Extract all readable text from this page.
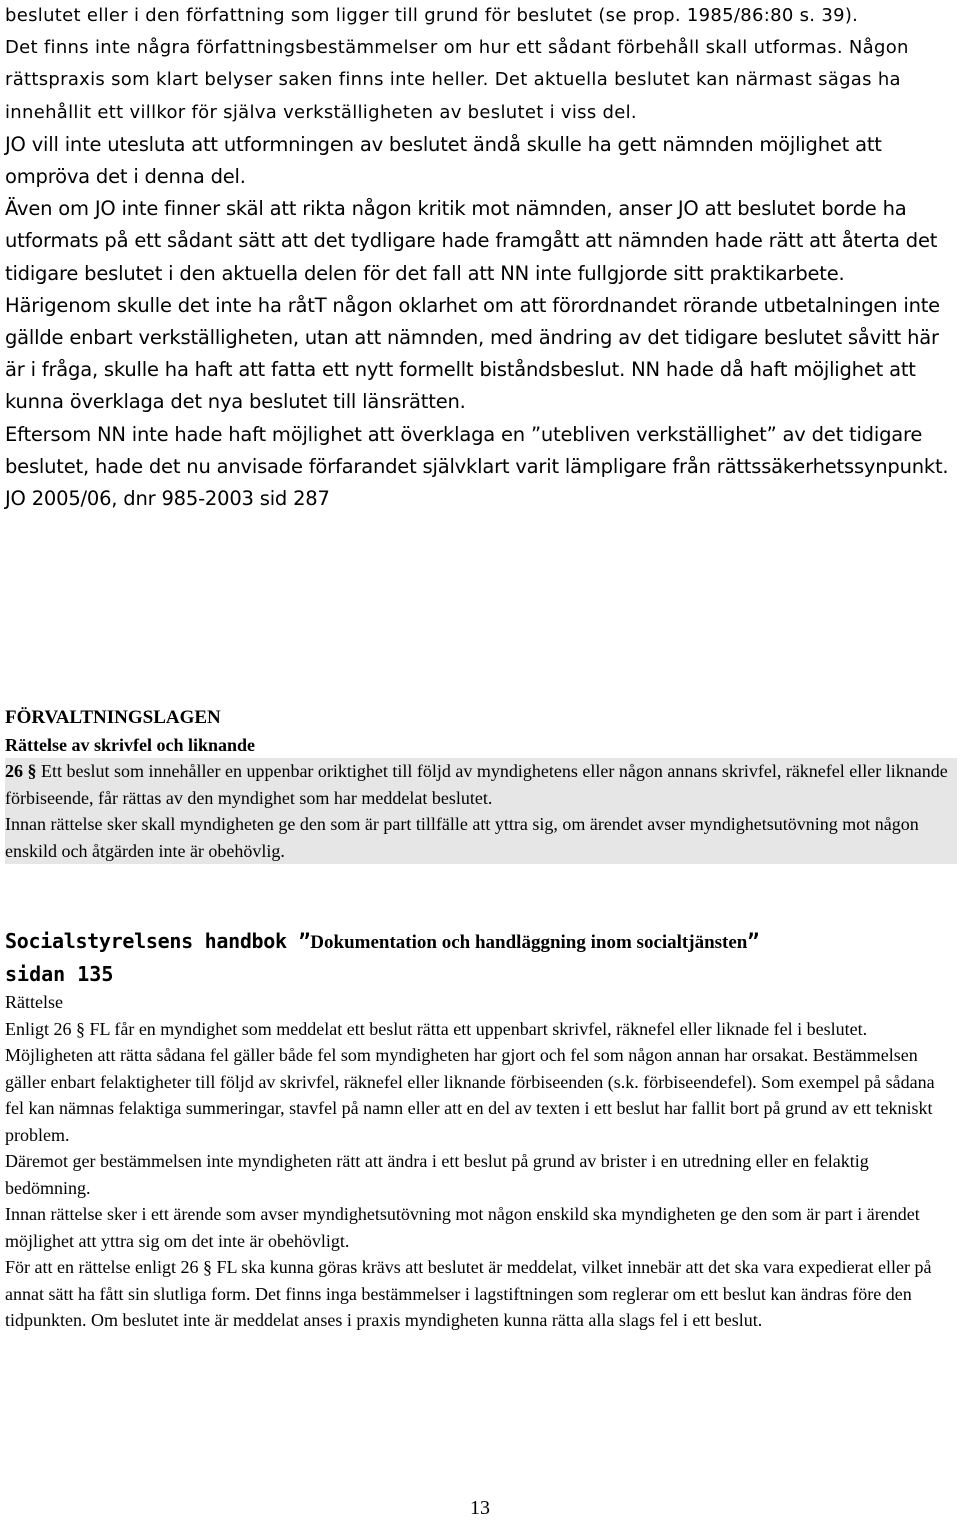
beslutet eller i den författning som ligger till grund för beslutet (se prop. 1985/86:80 s. 39).

Det finns inte några författningsbestämmelser om hur ett sådant förbehåll skall utformas. Någon rättspraxis som klart belyser saken finns inte heller. Det aktuella beslutet kan närmast sägas ha innehållit ett villkor för själva verkställigheten av beslutet i viss del.

JO vill inte utesluta att utformningen av beslutet ändå skulle ha gett nämnden möjlighet att ompröva det i denna del.

Även om JO inte finner skäl att rikta någon kritik mot nämnden, anser JO att beslutet borde ha utformats på ett sådant sätt att det tydligare hade framgått att nämnden hade rätt att återta det tidigare beslutet i den aktuella delen för det fall att NN inte fullgjorde sitt praktikarbete. Härigenom skulle det inte ha råtT någon oklarhet om att förordnandet rörande utbetalningen inte gällde enbart verkställigheten, utan att nämnden, med ändring av det tidigare beslutet såvitt här är i fråga, skulle ha haft att fatta ett nytt formellt biståndsbeslut. NN hade då haft möjlighet att kunna överklaga det nya beslutet till länsrätten.

Eftersom NN inte hade haft möjlighet att överklaga en ”utebliven verkställighet” av det tidigare beslutet, hade det nu anvisade förfarandet självklart varit lämpligare från rättssäkerhetssynpunkt.

JO 2005/06, dnr 985-2003 sid 287

FÖRVALTNINGSLAGEN

Rättelse av skrivfel och liknande

26 § Ett beslut som innehåller en uppenbar oriktighet till följd av myndighetens eller någon annans skrivfel, räknefel eller liknande förbiseende, får rättas av den myndighet som har meddelat beslutet.

Innan rättelse sker skall myndigheten ge den som är part tillfälle att yttra sig, om ärendet avser myndighetsutövning mot någon enskild och åtgärden inte är obehövlig.

Socialstyrelsens handbok ”Dokumentation och handläggning inom socialtjänsten”
sidan 135

Rättelse

Enligt 26 § FL får en myndighet som meddelat ett beslut rätta ett uppenbart skrivfel, räknefel eller liknade fel i beslutet. Möjligheten att rätta sådana fel gäller både fel som myndigheten har gjort och fel som någon annan har orsakat. Bestämmelsen gäller enbart felaktigheter till följd av skrivfel, räknefel eller liknande förbiseenden (s.k. förbiseendefel). Som exempel på sådana fel kan nämnas felaktiga summeringar, stavfel på namn eller att en del av texten i ett beslut har fallit bort på grund av ett tekniskt problem.

Däremot ger bestämmelsen inte myndigheten rätt att ändra i ett beslut på grund av brister i en utredning eller en felaktig bedömning.

Innan rättelse sker i ett ärende som avser myndighetsutövning mot någon enskild ska myndigheten ge den som är part i ärendet möjlighet att yttra sig om det inte är obehövligt.

För att en rättelse enligt 26 § FL ska kunna göras krävs att beslutet är meddelat, vilket innebär att det ska vara expedierat eller på annat sätt ha fått sin slutliga form. Det finns inga bestämmelser i lagstiftningen som reglerar om ett beslut kan ändras före den tidpunkten. Om beslutet inte är meddelat anses i praxis myndigheten kunna rätta alla slags fel i ett beslut.

13
